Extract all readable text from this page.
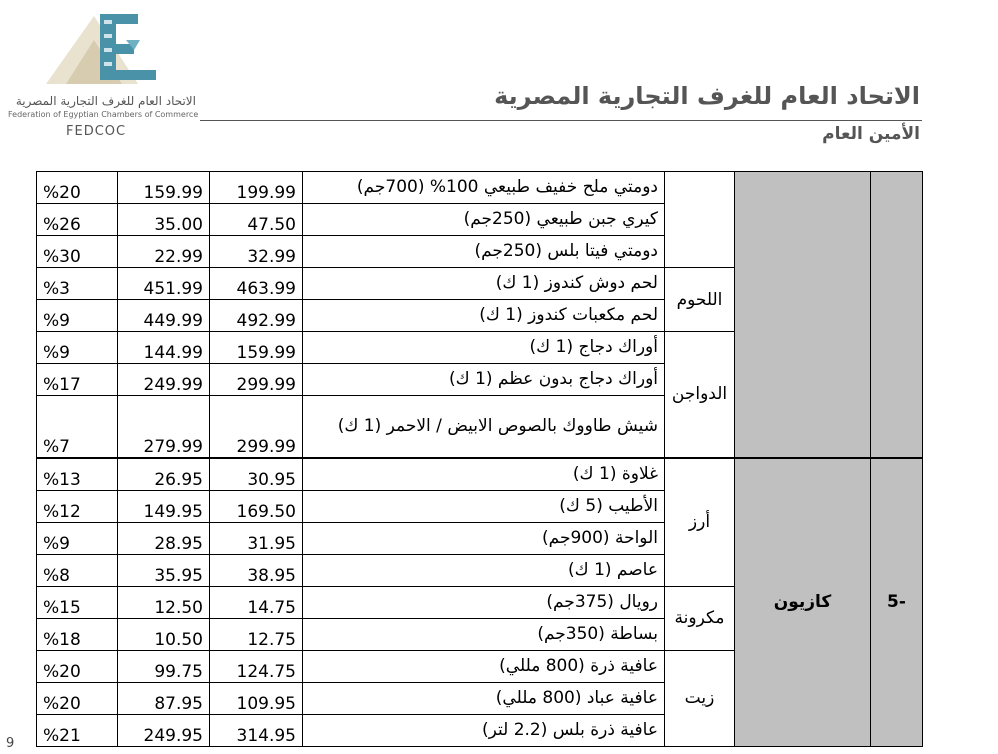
الاتحاد العام للغرف التجارية المصرية
Federation of Egyptian Chambers of Commerce
FEDCOC
الاتحاد العام للغرف التجارية المصرية
الأمين العام
			دومتي ملح خفيف طبيعي 100% (700جم)	199.99	159.99	%20
			كيري جبن طبيعي (250جم)	47.50	35.00	%26
			دومتي فيتا بلس (250جم)	32.99	22.99	%30
		اللحوم	لحم دوش كندوز (1 ك)	463.99	451.99	%3
			لحم مكعبات كندوز (1 ك)	492.99	449.99	%9
		الدواجن	أوراك دجاج (1 ك)	159.99	144.99	%9
			أوراك دجاج بدون عظم (1 ك)	299.99	249.99	%17
			شيش طاووك بالصوص الابيض / الاحمر (1 ك)	299.99	279.99	%7
-5	كازيون	أرز	غلاوة (1 ك)	30.95	26.95	%13
			الأطيب (5 ك)	169.50	149.95	%12
			الواحة (900جم)	31.95	28.95	%9
			عاصم (1 ك)	38.95	35.95	%8
		مكرونة	رويال (375جم)	14.75	12.50	%15
			بساطة (350جم)	12.75	10.50	%18
		زيت	عافية ذرة (800 مللي)	124.75	99.75	%20
			عافية عباد (800 مللي)	109.95	87.95	%20
			عافية ذرة بلس (2.2 لتر)	314.95	249.95	%21
9
